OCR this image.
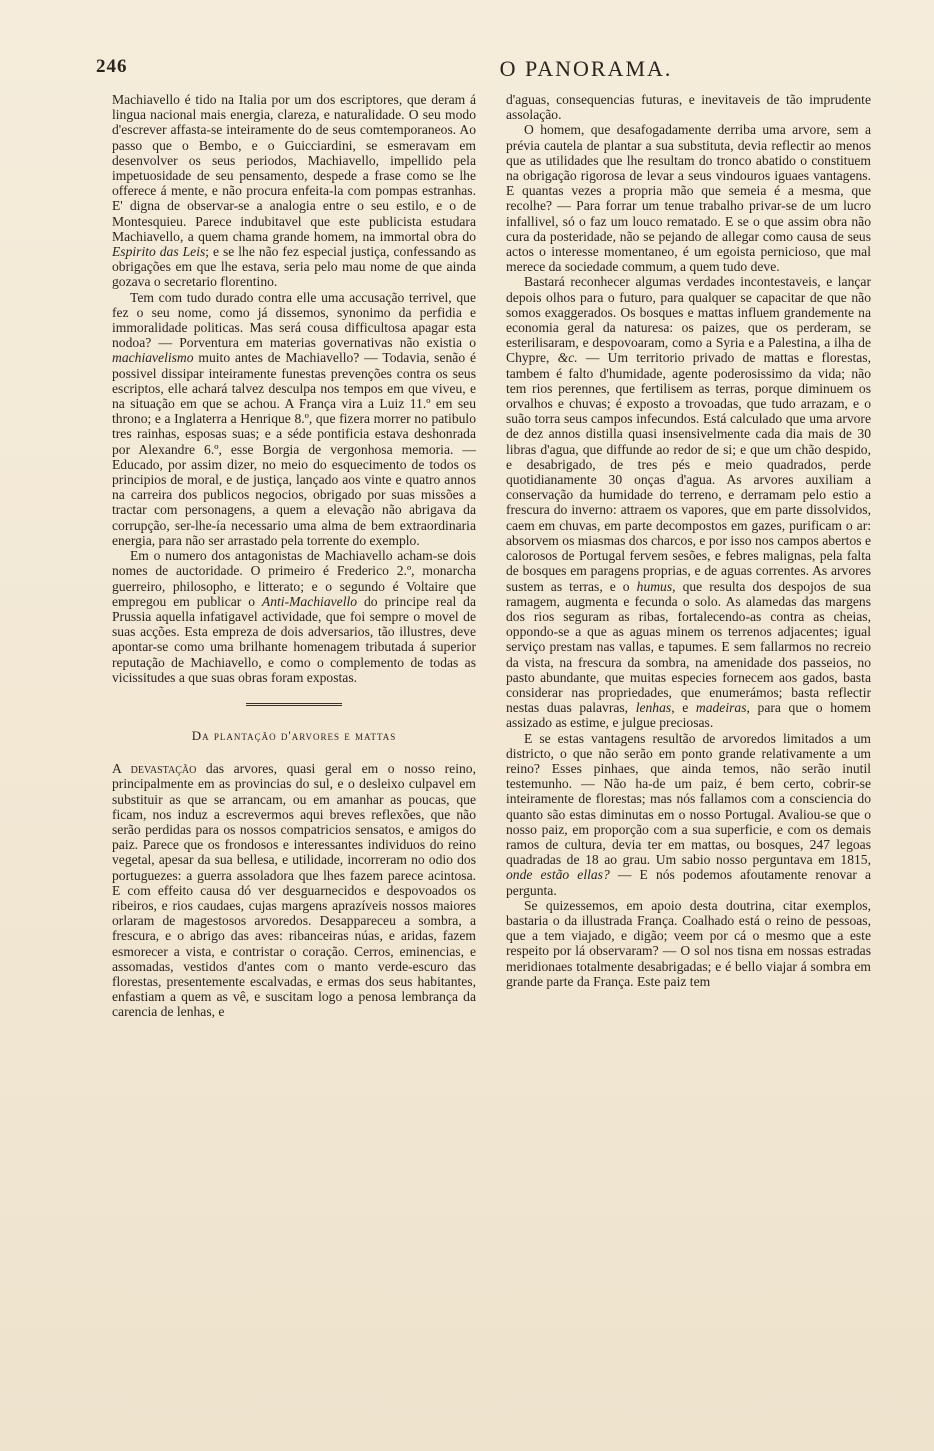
246	O PANORAMA.

Machiavello é tido na Italia por um dos escriptores, que deram á lingua nacional mais energia, clareza, e naturalidade. O seu modo d'escrever affasta-se inteiramente do de seus comtemporaneos. Ao passo que o Bembo, e o Guicciardini, se esmeravam em desenvolver os seus periodos, Machiavello, impellido pela impetuosidade de seu pensamento, despede a frase como se lhe offerece á mente, e não procura enfeita-la com pompas estranhas. E' digna de observar-se a analogia entre o seu estilo, e o de Montesquieu. Parece indubitavel que este publicista estudara Machiavello, a quem chama grande homem, na immortal obra do Espirito das Leis; e se lhe não fez especial justiça, confessando as obrigações em que lhe estava, seria pelo mau nome de que ainda gozava o secretario florentino.

Tem com tudo durado contra elle uma accusação terrivel, que fez o seu nome, como já dissemos, synonimo da perfidia e immoralidade politicas. Mas será cousa difficultosa apagar esta nodoa? — Porventura em materias governativas não existia o machiavelismo muito antes de Machiavello? — Todavia, senão é possivel dissipar inteiramente funestas prevenções contra os seus escriptos, elle achará talvez desculpa nos tempos em que viveu, e na situação em que se achou. A França vira a Luiz 11.º em seu throno; e a Inglaterra a Henrique 8.º, que fizera morrer no patibulo tres rainhas, esposas suas; e a séde pontificia estava deshonrada por Alexandre 6.º, esse Borgia de vergonhosa memoria. — Educado, por assim dizer, no meio do esquecimento de todos os principios de moral, e de justiça, lançado aos vinte e quatro annos na carreira dos publicos negocios, obrigado por suas missões a tractar com personagens, a quem a elevação não abrigava da corrupção, ser-lhe-ía necessario uma alma de bem extraordinaria energia, para não ser arrastado pela torrente do exemplo.

Em o numero dos antagonistas de Machiavello acham-se dois nomes de auctoridade. O primeiro é Frederico 2.º, monarcha guerreiro, philosopho, e litterato; e o segundo é Voltaire que empregou em publicar o Anti-Machiavello do principe real da Prussia aquella infatigavel actividade, que foi sempre o movel de suas acções. Esta empreza de dois adversarios, tão illustres, deve apontar-se como uma brilhante homenagem tributada á superior reputação de Machiavello, e como o complemento de todas as vicissitudes a que suas obras foram expostas.

Da plantação d'arvores e mattas

A devastação das arvores, quasi geral em o nosso reino, principalmente em as provincias do sul, e o desleixo culpavel em substituir as que se arrancam, ou em amanhar as poucas, que ficam, nos induz a escrevermos aqui breves reflexões, que não serão perdidas para os nossos compatricios sensatos, e amigos do paiz. Parece que os frondosos e interessantes individuos do reino vegetal, apesar da sua bellesa, e utilidade, incorreram no odio dos portuguezes: a guerra assoladora que lhes fazem parece acintosa. E com effeito causa dó ver desguarnecidos e despovoados os ribeiros, e rios caudaes, cujas margens aprazíveis nossos maiores orlaram de magestosos arvoredos. Desappareceu a sombra, a frescura, e o abrigo das aves: ribanceiras núas, e aridas, fazem esmorecer a vista, e contristar o coração. Cerros, eminencias, e assomadas, vestidos d'antes com o manto verde-escuro das florestas, presentemente escalvadas, e ermas dos seus habitantes, enfastiam a quem as vê, e suscitam logo a penosa lembrança da carencia de lenhas, e

d'aguas, consequencias futuras, e inevitaveis de tão imprudente assolação.

O homem, que desafogadamente derriba uma arvore, sem a prévia cautela de plantar a sua substituta, devia reflectir ao menos que as utilidades que lhe resultam do tronco abatido o constituem na obrigação rigorosa de levar a seus vindouros iguaes vantagens. E quantas vezes a propria mão que semeia é a mesma, que recolhe? — Para forrar um tenue trabalho privar-se de um lucro infallivel, só o faz um louco rematado. E se o que assim obra não cura da posteridade, não se pejando de allegar como causa de seus actos o interesse momentaneo, é um egoista pernicioso, que mal merece da sociedade commum, a quem tudo deve.

Bastará reconhecer algumas verdades incontestaveis, e lançar depois olhos para o futuro, para qualquer se capacitar de que não somos exaggerados. Os bosques e mattas influem grandemente na economia geral da naturesa: os paizes, que os perderam, se esterilisaram, e despovoaram, como a Syria e a Palestina, a ilha de Chypre, &c. — Um territorio privado de mattas e florestas, tambem é falto d'humidade, agente poderosissimo da vida; não tem rios perennes, que fertilisem as terras, porque diminuem os orvalhos e chuvas; é exposto a trovoadas, que tudo arrazam, e o suão torra seus campos infecundos. Está calculado que uma arvore de dez annos distilla quasi insensivelmente cada dia mais de 30 libras d'agua, que diffunde ao redor de si; e que um chão despido, e desabrigado, de tres pés e meio quadrados, perde quotidianamente 30 onças d'agua. As arvores auxiliam a conservação da humidade do terreno, e derramam pelo estio a frescura do inverno: attraem os vapores, que em parte dissolvidos, caem em chuvas, em parte decompostos em gazes, purificam o ar: absorvem os miasmas dos charcos, e por isso nos campos abertos e calorosos de Portugal fervem sesões, e febres malignas, pela falta de bosques em paragens proprias, e de aguas correntes. As arvores sustem as terras, e o humus, que resulta dos despojos de sua ramagem, augmenta e fecunda o solo. As alamedas das margens dos rios seguram as ribas, fortalecendo-as contra as cheias, oppondo-se a que as aguas minem os terrenos adjacentes; igual serviço prestam nas vallas, e tapumes. E sem fallarmos no recreio da vista, na frescura da sombra, na amenidade dos passeios, no pasto abundante, que muitas especies fornecem aos gados, basta considerar nas propriedades, que enumerámos; basta reflectir nestas duas palavras, lenhas, e madeiras, para que o homem assizado as estime, e julgue preciosas.

E se estas vantagens resultão de arvoredos limitados a um districto, o que não serão em ponto grande relativamente a um reino? Esses pinhaes, que ainda temos, não serão inutil testemunho. — Não ha-de um paiz, é bem certo, cobrir-se inteiramente de florestas; mas nós fallamos com a consciencia do quanto são estas diminutas em o nosso Portugal. Avaliou-se que o nosso paiz, em proporção com a sua superficie, e com os demais ramos de cultura, devia ter em mattas, ou bosques, 247 legoas quadradas de 18 ao grau. Um sabio nosso perguntava em 1815, onde estão ellas? — E nós podemos afoutamente renovar a pergunta.

Se quizessemos, em apoio desta doutrina, citar exemplos, bastaria o da illustrada França. Coalhado está o reino de pessoas, que a tem viajado, e digão; veem por cá o mesmo que a este respeito por lá observaram? — O sol nos tisna em nossas estradas meridionaes totalmente desabrigadas; e é bello viajar á sombra em grande parte da França. Este paiz tem
